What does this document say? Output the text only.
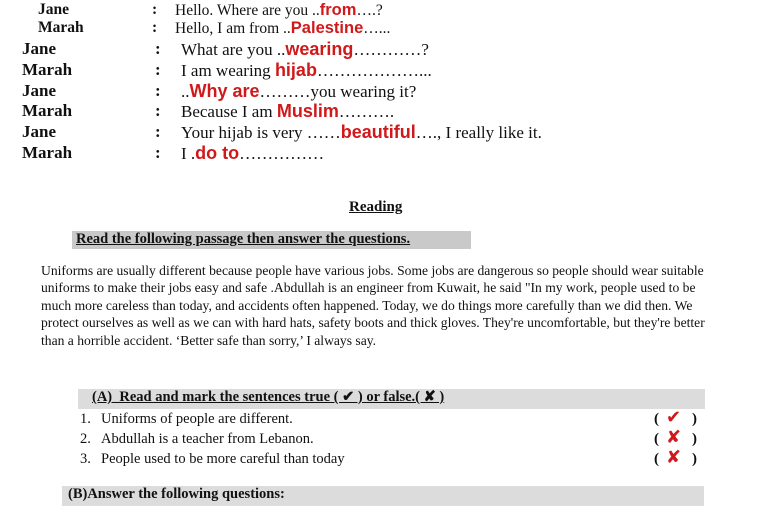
Jane	: Hello. Where are you ..from….?
Marah	: Hello, I am from ..Palestine…...
Jane	: What are you ..wearing…………?
Marah	: I am wearing hijab………………...
Jane	: ..Why are………you wearing it?
Marah	: Because I am Muslim……….
Jane	: Your hijab is very ……beautiful…., I really like it.
Marah	: I .do to……………
Reading
Read the following passage then answer the questions.
Uniforms are usually different because people have various jobs. Some jobs are dangerous so people should wear suitable uniforms to make their jobs easy and safe .Abdullah is an engineer from Kuwait, he said "In my work, people used to be much more careless than today, and accidents often happened. Today, we do things more carefully than we did then. We protect ourselves as well as we can with hard hats, safety boots and thick gloves. They're uncomfortable, but they're better than a horrible accident. ‘Better safe than sorry,’ I always say.
(A)_Read and mark the sentences true ( ✔ ) or false.( ✘ )
1. Uniforms of people are different.	( ✔ )
2. Abdullah is a teacher from Lebanon.	( ✘ )
3. People used to be more careful than today	( ✘ )
(B)Answer the following questions:
